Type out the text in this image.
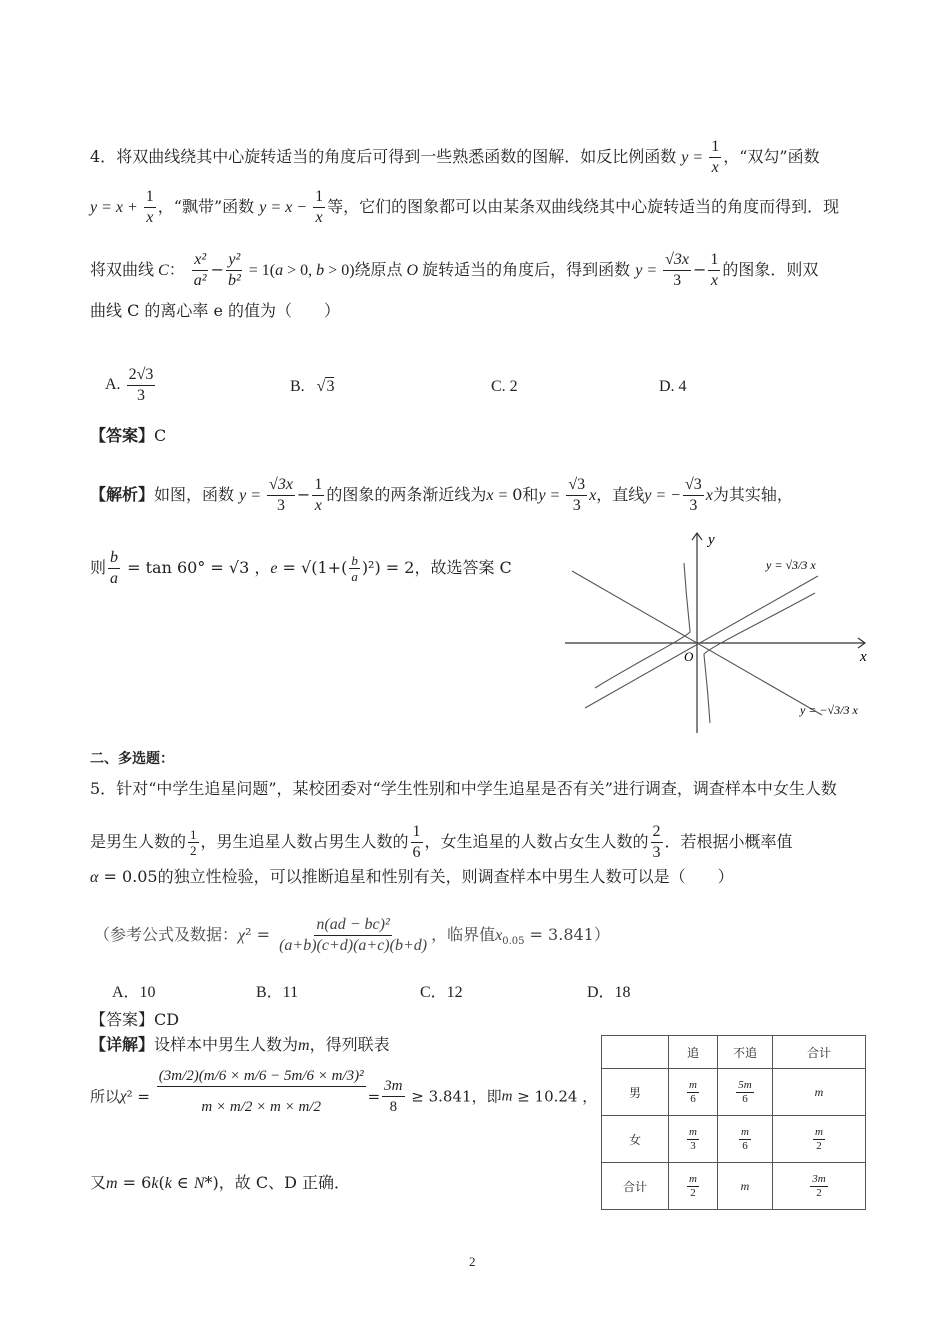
4．将双曲线绕其中心旋转适当的角度后可得到一些熟悉函数的图解．如反比例函数 $y = \frac{1}{x}$ ，“双勾”函数
$y = x + \frac{1}{x}$ ，“飘带”函数 $y = x - \frac{1}{x}$ 等，它们的图象都可以由某条双曲线绕其中心旋转适当的角度而得到．现
将双曲线 C： $\frac{\text{x²}}{\text{a²}} - \frac{\text{y²}}{\text{b²}} = 1(a > 0$, b > 0)绕原点 O 旋转适当的角度后，得到函数 $y = \frac{√3x}{3} - \frac{1}{x}$ 的图象．则双
曲线 C 的离心率 e 的值为（　　）
A. $\frac{2√3}{3}$	B.   √3	C. 2	D. 4
【答案】C
【解析】如图，函数 $y = \frac{√3x}{3} - \frac{1}{x}$ 的图象的两条渐近线为x = 0和$y = \frac{√3}{3}$ x，直线y = − $\frac{√3}{3}$ x为其实轴，
则 $\frac{b}{a} = \tan 60^\circ = √3$ ，$e = √(1+( \frac{b}{a} )^2) = 2$，故选答案 C
x
y
O
y = √3/3 x
y = −√3/3 x
二、多选题：
5．针对“中学生追星问题”，某校团委对“学生性别和中学生追星是否有关”进行调查，调查样本中女生人数
是男生人数的 $\frac{1}{2}$ ，男生追星人数占男生人数的 $\frac{1}{6}$ ，女生追星的人数占女生人数的 $\frac{2}{3}$ ．若根据小概率值
α = 0.05的独立性检验，可以推断追星和性别有关，则调查样本中男生人数可以是（　　）
（参考公式及数据：$\chi^2 = \frac{\text{n(ad − bc)²}}{(a+b)(c+d)(a+c)(b+d)}$ ，临界值$x_{0.05} = 3.841$）
A．10	B．11	C．12	D．18
【答案】CD
【详解】设样本中男生人数为m，得列联表
所以$\chi^2 = \frac{\text{(3m/2)(m/6 × m/6 − 5m/6 × m/3)²}}{m \times m/2 \times m \times m/2} = \frac{3m}{8} \ge 3.841$，即m ≥ 10.24 ，
又m = 6k(k ∈ N*)，故 C、D 正确．
	追	不追	合计
男	$\frac{m}{6}$	$\frac{5m}{6}$	m
女	$\frac{m}{3}$	$\frac{m}{6}$	$\frac{m}{2}$

合计	$\frac{m}{2}$	m	$\frac{3m}{2}$
2
